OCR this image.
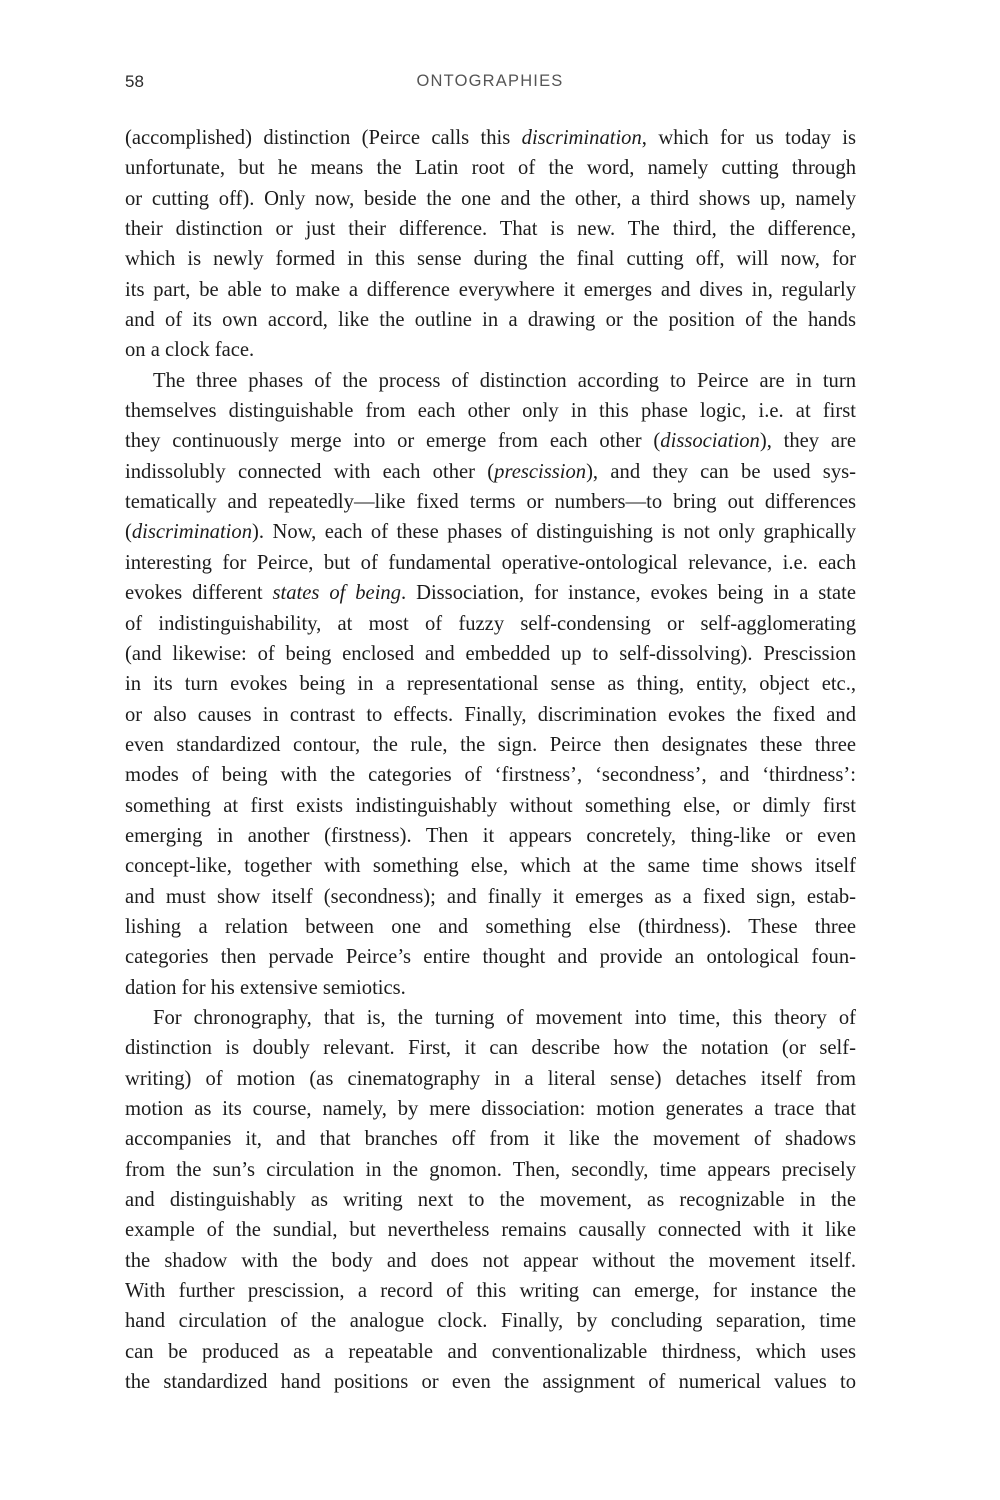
58	ONTOGRAPHIES
(accomplished) distinction (Peirce calls this discrimination, which for us today is
unfortunate, but he means the Latin root of the word, namely cutting through
or cutting off). Only now, beside the one and the other, a third shows up, namely
their distinction or just their difference. That is new. The third, the difference,
which is newly formed in this sense during the final cutting off, will now, for
its part, be able to make a difference everywhere it emerges and dives in, regularly
and of its own accord, like the outline in a drawing or the position of the hands
on a clock face.
The three phases of the process of distinction according to Peirce are in turn
themselves distinguishable from each other only in this phase logic, i.e. at first
they continuously merge into or emerge from each other (dissociation), they are
indissolubly connected with each other (prescission), and they can be used sys-
tematically and repeatedly—like fixed terms or numbers—to bring out differences
(discrimination). Now, each of these phases of distinguishing is not only graphically
interesting for Peirce, but of fundamental operative-ontological relevance, i.e. each
evokes different states of being. Dissociation, for instance, evokes being in a state
of indistinguishability, at most of fuzzy self-condensing or self-agglomerating
(and likewise: of being enclosed and embedded up to self-dissolving). Prescission
in its turn evokes being in a representational sense as thing, entity, object etc.,
or also causes in contrast to effects. Finally, discrimination evokes the fixed and
even standardized contour, the rule, the sign. Peirce then designates these three
modes of being with the categories of ‘firstness’, ‘secondness’, and ‘thirdness’:
something at first exists indistinguishably without something else, or dimly first
emerging in another (firstness). Then it appears concretely, thing-like or even
concept-like, together with something else, which at the same time shows itself
and must show itself (secondness); and finally it emerges as a fixed sign, estab-
lishing a relation between one and something else (thirdness). These three
categories then pervade Peirce’s entire thought and provide an ontological foun-
dation for his extensive semiotics.
For chronography, that is, the turning of movement into time, this theory of
distinction is doubly relevant. First, it can describe how the notation (or self-
writing) of motion (as cinematography in a literal sense) detaches itself from
motion as its course, namely, by mere dissociation: motion generates a trace that
accompanies it, and that branches off from it like the movement of shadows
from the sun’s circulation in the gnomon. Then, secondly, time appears precisely
and distinguishably as writing next to the movement, as recognizable in the
example of the sundial, but nevertheless remains causally connected with it like
the shadow with the body and does not appear without the movement itself.
With further prescission, a record of this writing can emerge, for instance the
hand circulation of the analogue clock. Finally, by concluding separation, time
can be produced as a repeatable and conventionalizable thirdness, which uses
the standardized hand positions or even the assignment of numerical values to
